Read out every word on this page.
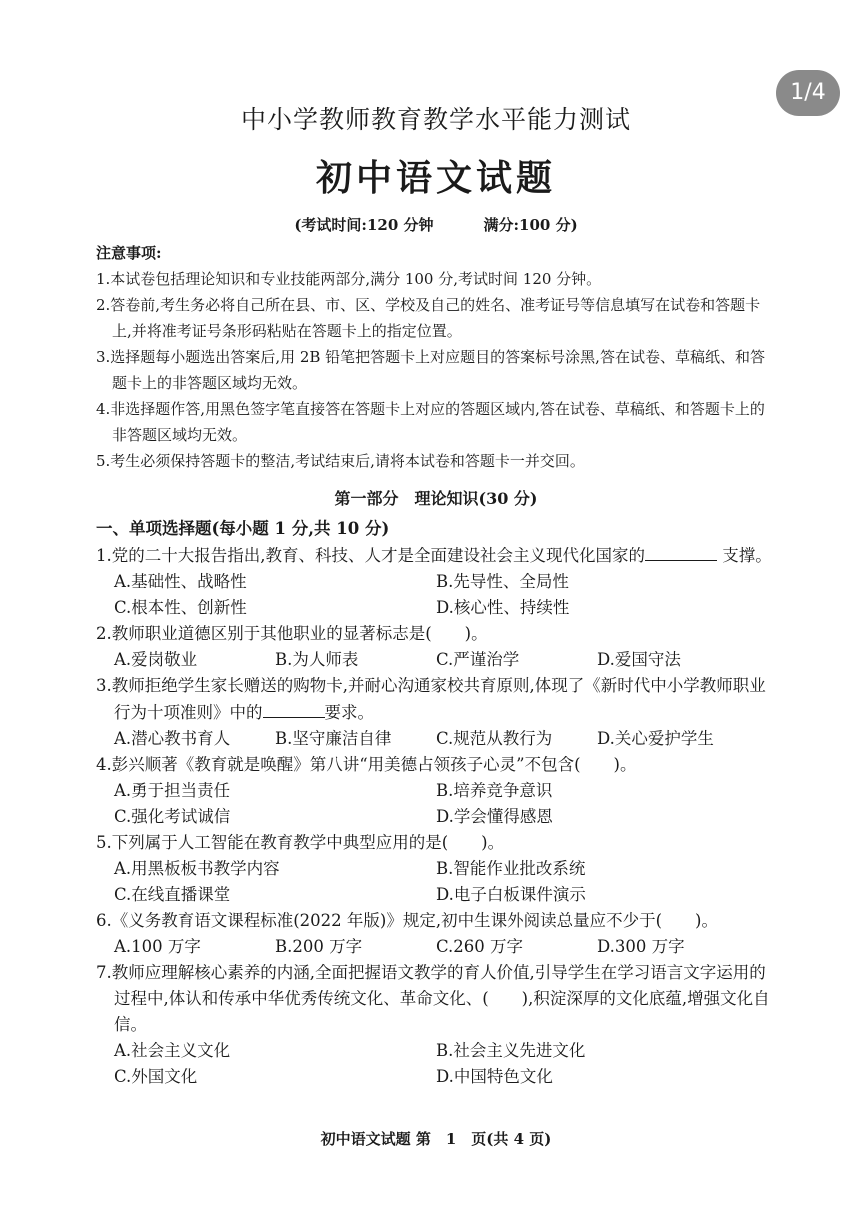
1/4
中小学教师教育教学水平能力测试
初中语文试题
(考试时间:120 分钟	满分:100 分)
注意事项:
1.本试卷包括理论知识和专业技能两部分,满分 100 分,考试时间 120 分钟。
2.答卷前,考生务必将自己所在县、市、区、学校及自己的姓名、准考证号等信息填写在试卷和答题卡上,并将准考证号条形码粘贴在答题卡上的指定位置。
3.选择题每小题选出答案后,用 2B 铅笔把答题卡上对应题目的答案标号涂黑,答在试卷、草稿纸、和答题卡上的非答题区域均无效。
4.非选择题作答,用黑色签字笔直接答在答题卡上对应的答题区域内,答在试卷、草稿纸、和答题卡上的非答题区域均无效。
5.考生必须保持答题卡的整洁,考试结束后,请将本试卷和答题卡一并交回。
第一部分　理论知识(30 分)
一、单项选择题(每小题 1 分,共 10 分)
1.党的二十大报告指出,教育、科技、人才是全面建设社会主义现代化国家的	支撑。
A.基础性、战略性	B.先导性、全局性
C.根本性、创新性	D.核心性、持续性
2.教师职业道德区别于其他职业的显著标志是(　　)。
A.爱岗敬业	B.为人师表	C.严谨治学	D.爱国守法
3.教师拒绝学生家长赠送的购物卡,并耐心沟通家校共育原则,体现了《新时代中小学教师职业行为十项准则》中的	要求。
A.潜心教书育人	B.坚守廉洁自律	C.规范从教行为	D.关心爱护学生
4.彭兴顺著《教育就是唤醒》第八讲“用美德占领孩子心灵”不包含(　　)。
A.勇于担当责任	B.培养竞争意识
C.强化考试诚信	D.学会懂得感恩
5.下列属于人工智能在教育教学中典型应用的是(　　)。
A.用黑板板书教学内容	B.智能作业批改系统
C.在线直播课堂	D.电子白板课件演示
6.《义务教育语文课程标准(2022 年版)》规定,初中生课外阅读总量应不少于(　　)。
A.100 万字	B.200 万字	C.260 万字	D.300 万字
7.教师应理解核心素养的内涵,全面把握语文教学的育人价值,引导学生在学习语言文字运用的过程中,体认和传承中华优秀传统文化、革命文化、(　　),积淀深厚的文化底蕴,增强文化自信。
A.社会主义文化	B.社会主义先进文化
C.外国文化	D.中国特色文化
初中语文试题 第　1　页(共 4 页)
